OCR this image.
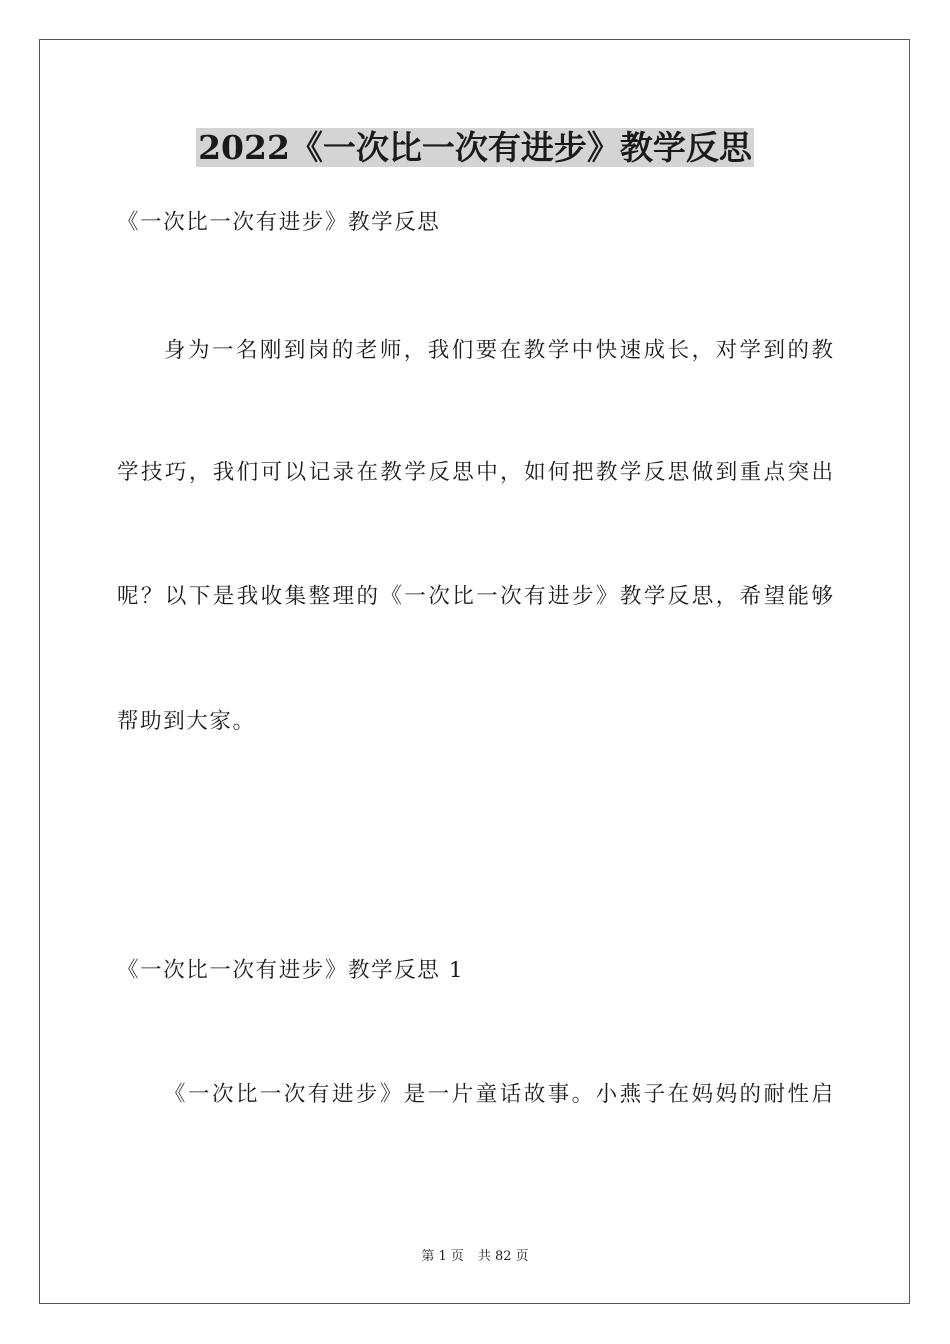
2022《一次比一次有进步》教学反思
《一次比一次有进步》教学反思
身为一名刚到岗的老师，我们要在教学中快速成长，对学到的教
学技巧，我们可以记录在教学反思中，如何把教学反思做到重点突出
呢？以下是我收集整理的《一次比一次有进步》教学反思，希望能够
帮助到大家。
《一次比一次有进步》教学反思 1
《一次比一次有进步》是一片童话故事。小燕子在妈妈的耐性启
第 1 页 共 82 页
